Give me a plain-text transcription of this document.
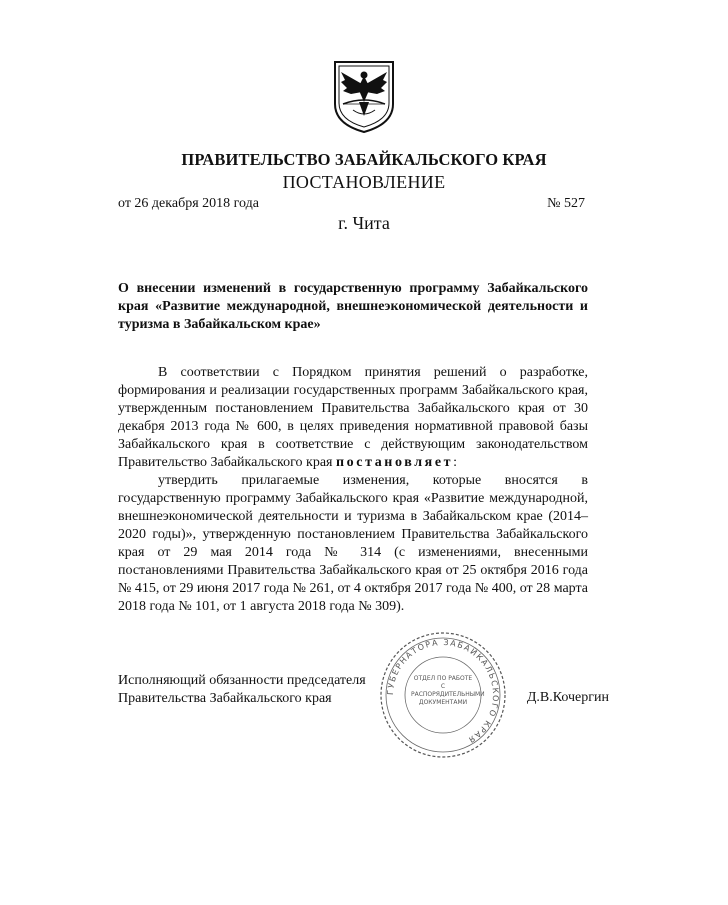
ПРАВИТЕЛЬСТВО ЗАБАЙКАЛЬСКОГО КРАЯ
ПОСТАНОВЛЕНИЕ
от 26 декабря 2018 года	№ 527
г. Чита
О внесении изменений в государственную программу Забайкальского края «Развитие международной, внешнеэкономической деятельности и туризма в Забайкальском крае»
В соответствии с Порядком принятия решений о разработке, формирования и реализации государственных программ Забайкальского края, утвержденным постановлением Правительства Забайкальского края от 30 декабря 2013 года № 600, в целях приведения нормативной правовой базы Забайкальского края в соответствие с действующим законодательством Правительство Забайкальского края постановляет:
утвердить прилагаемые изменения, которые вносятся в государственную программу Забайкальского края «Развитие международной, внешнеэкономической деятельности и туризма в Забайкальском крае (2014–2020 годы)», утвержденную постановлением Правительства Забайкальского края от 29 мая 2014 года № 314 (с изменениями, внесенными постановлениями Правительства Забайкальского края от 25 октября 2016 года № 415, от 29 июня 2017 года № 261, от 4 октября 2017 года № 400, от 28 марта 2018 года № 101, от 1 августа 2018 года № 309).
ГУБЕРНАТОРА ЗАБАЙКАЛЬСКОГО КРАЯ
ОТДЕЛ ПО РАБОТЕ С РАСПОРЯДИТЕЛЬНЫМИ ДОКУМЕНТАМИ
Исполняющий обязанности председателя
Правительства Забайкальского края	Д.В.Кочергин
